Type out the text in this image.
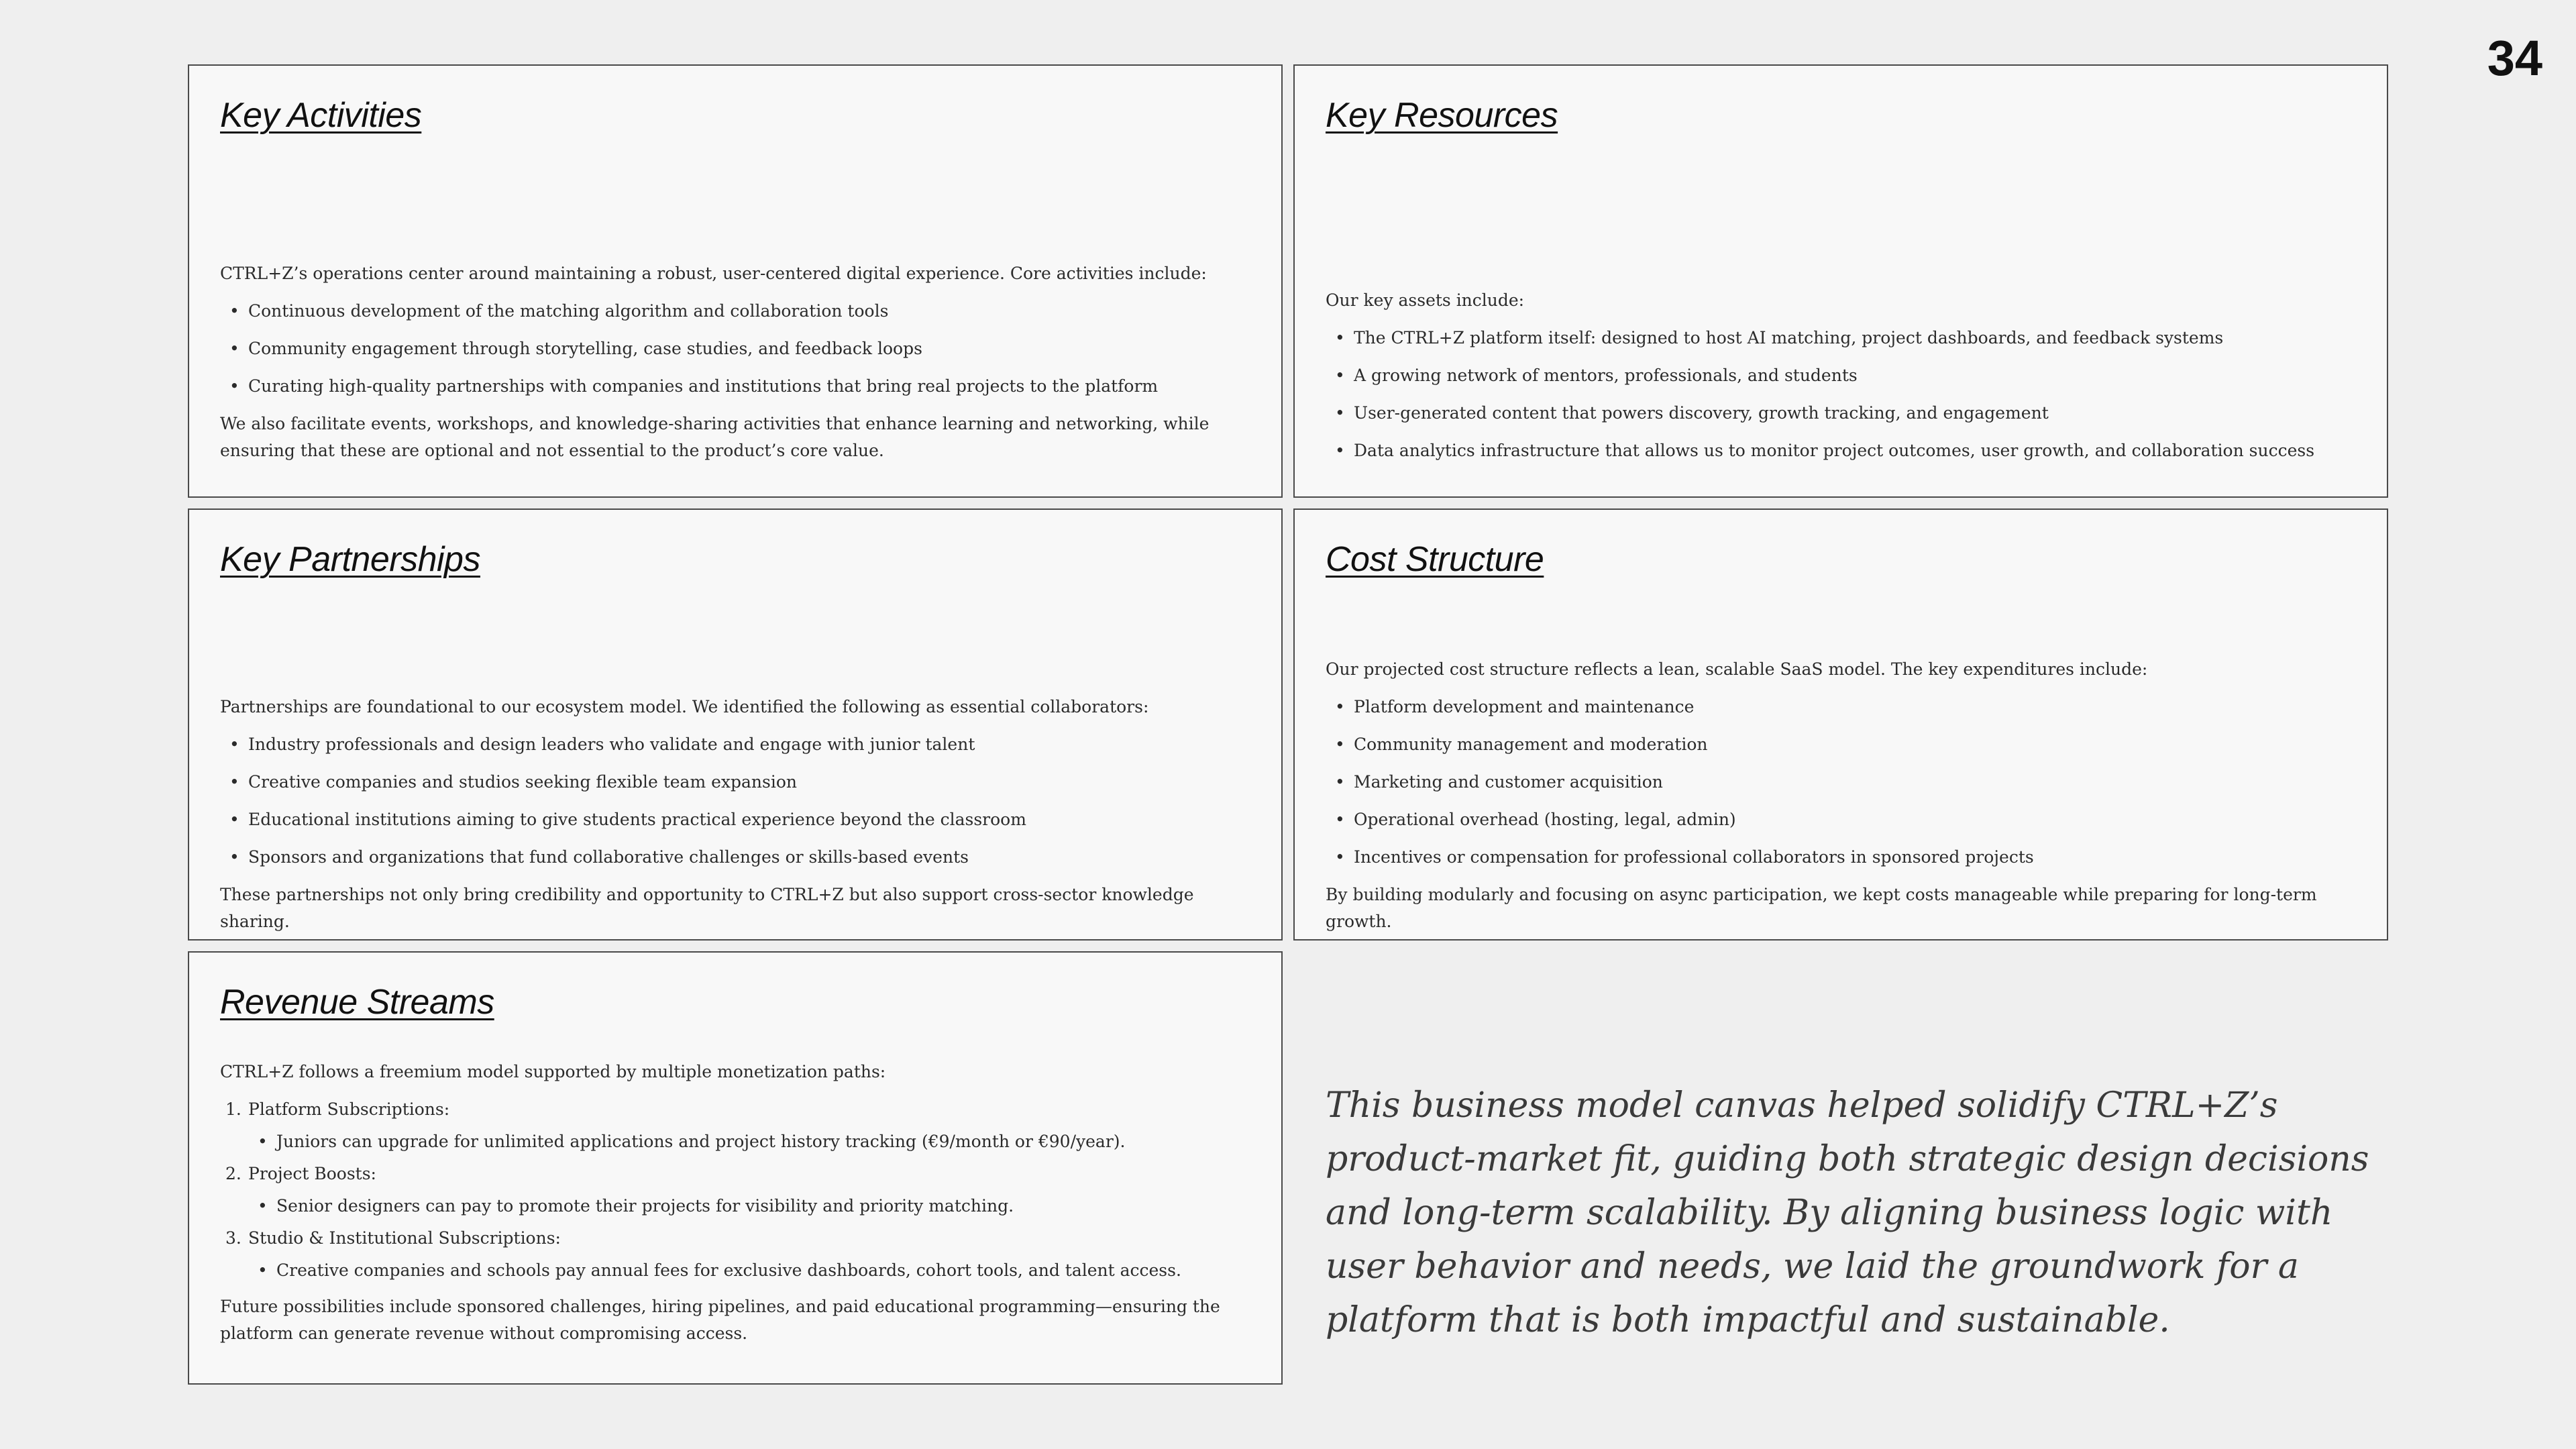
34
Key Activities

CTRL+Z’s operations center around maintaining a robust, user-centered digital experience. Core activities include:

• Continuous development of the matching algorithm and collaboration tools
• Community engagement through storytelling, case studies, and feedback loops
• Curating high-quality partnerships with companies and institutions that bring real projects to the platform

We also facilitate events, workshops, and knowledge-sharing activities that enhance learning and networking, while ensuring that these are optional and not essential to the product’s core value.

Key Resources

Our key assets include:

• The CTRL+Z platform itself: designed to host AI matching, project dashboards, and feedback systems
• A growing network of mentors, professionals, and students
• User-generated content that powers discovery, growth tracking, and engagement
• Data analytics infrastructure that allows us to monitor project outcomes, user growth, and collaboration success
Key Partnerships

Partnerships are foundational to our ecosystem model. We identified the following as essential collaborators:

• Industry professionals and design leaders who validate and engage with junior talent
• Creative companies and studios seeking flexible team expansion
• Educational institutions aiming to give students practical experience beyond the classroom
• Sponsors and organizations that fund collaborative challenges or skills-based events

These partnerships not only bring credibility and opportunity to CTRL+Z but also support cross-sector knowledge sharing.

Cost Structure

Our projected cost structure reflects a lean, scalable SaaS model. The key expenditures include:

• Platform development and maintenance
• Community management and moderation
• Marketing and customer acquisition
• Operational overhead (hosting, legal, admin)
• Incentives or compensation for professional collaborators in sponsored projects

By building modularly and focusing on async participation, we kept costs manageable while preparing for long-term growth.

Revenue Streams

CTRL+Z follows a freemium model supported by multiple monetization paths:

1. Platform Subscriptions:
• Juniors can upgrade for unlimited applications and project history tracking (€9/month or €90/year).
2. Project Boosts:
• Senior designers can pay to promote their projects for visibility and priority matching.
3. Studio & Institutional Subscriptions:
• Creative companies and schools pay annual fees for exclusive dashboards, cohort tools, and talent access.

Future possibilities include sponsored challenges, hiring pipelines, and paid educational programming—ensuring the platform can generate revenue without compromising access.

This business model canvas helped solidify CTRL+Z’s product-market fit, guiding both strategic design decisions and long-term scalability. By aligning business logic with user behavior and needs, we laid the groundwork for a platform that is both impactful and sustainable.
